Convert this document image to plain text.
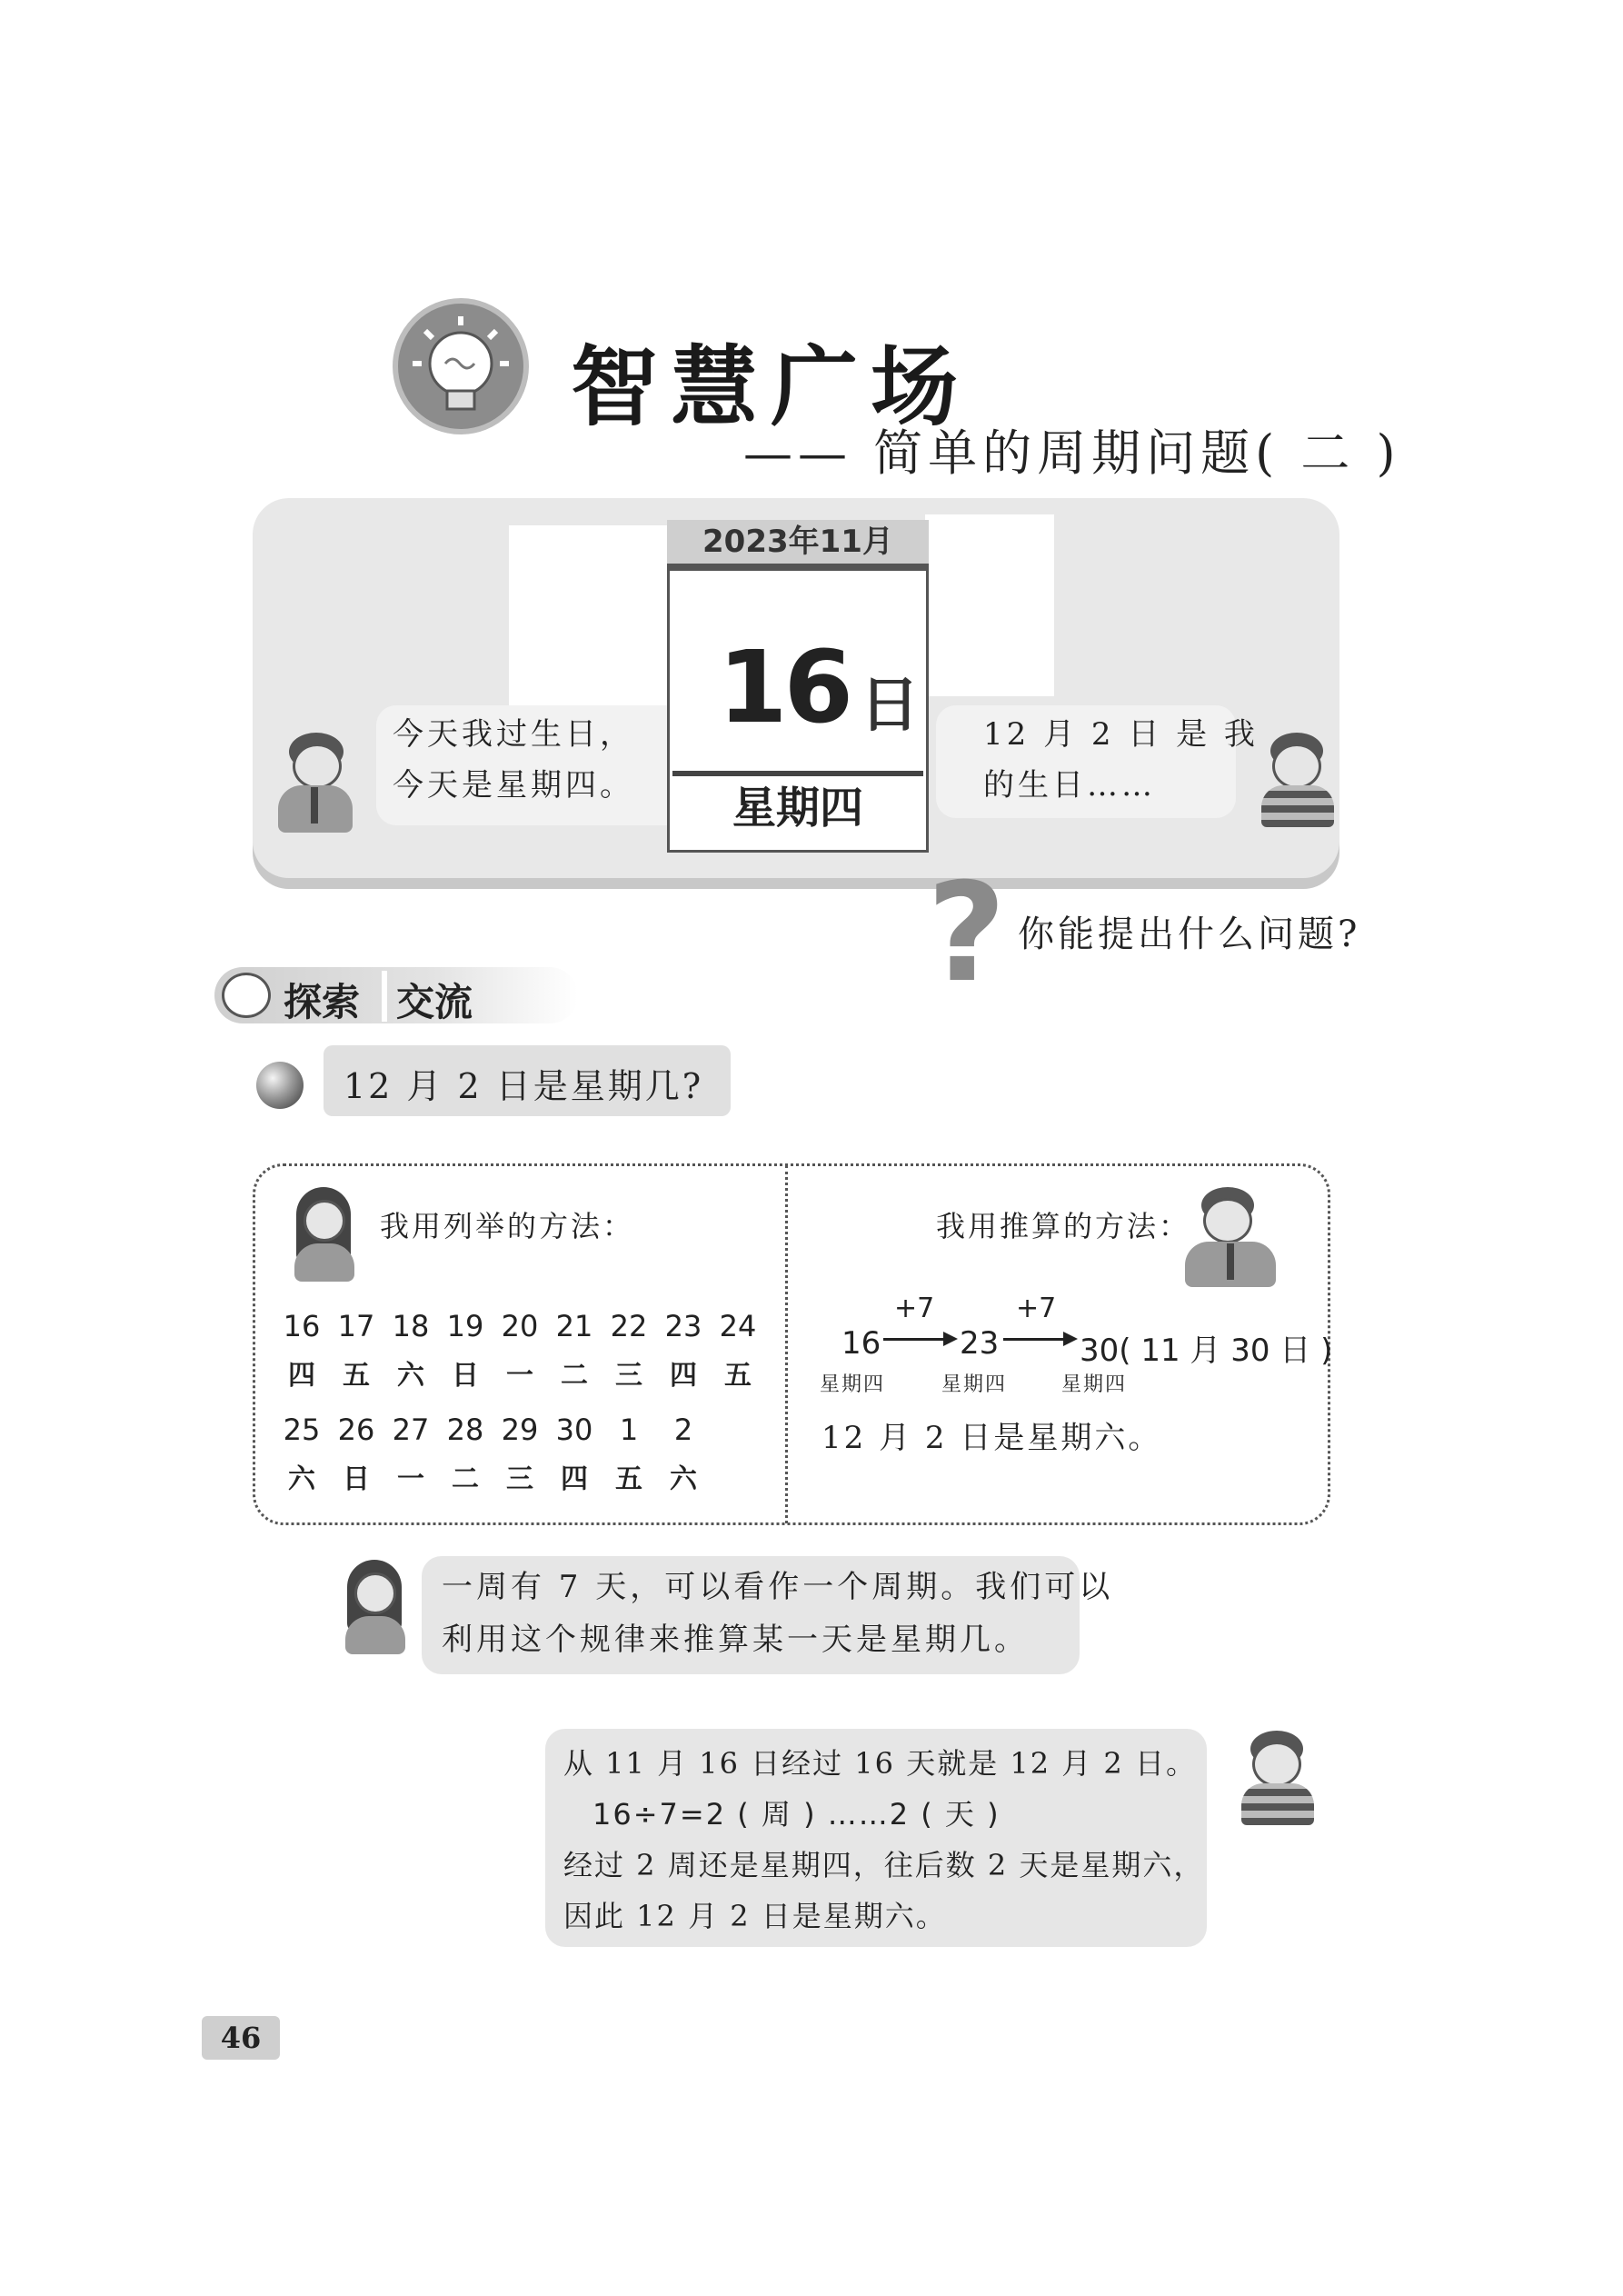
智慧广场
—— 简单的周期问题( 二 )
今天我过生日，
今天是星期四。
2023年11月
16 日
星期四
12 月 2 日 是 我
的生日……
? 你能提出什么问题?
探索 交流
12 月 2 日是星期几?
我用列举的方法：
16 17 18 19 20 21 22 23 24
四 五 六 日 一 二 三 四 五
25 26 27 28 29 30 1 2
六 日 一 二 三 四 五 六
我用推算的方法：
16
+7
23
+7
30( 11 月 30 日 )
星期四	星期四	星期四
12 月 2 日是星期六。
一周有 7 天，可以看作一个周期。我们可以
利用这个规律来推算某一天是星期几。
从 11 月 16 日经过 16 天就是 12 月 2 日。
16÷7=2 ( 周 ) ……2 ( 天 )
经过 2 周还是星期四，往后数 2 天是星期六，
因此 12 月 2 日是星期六。
46
